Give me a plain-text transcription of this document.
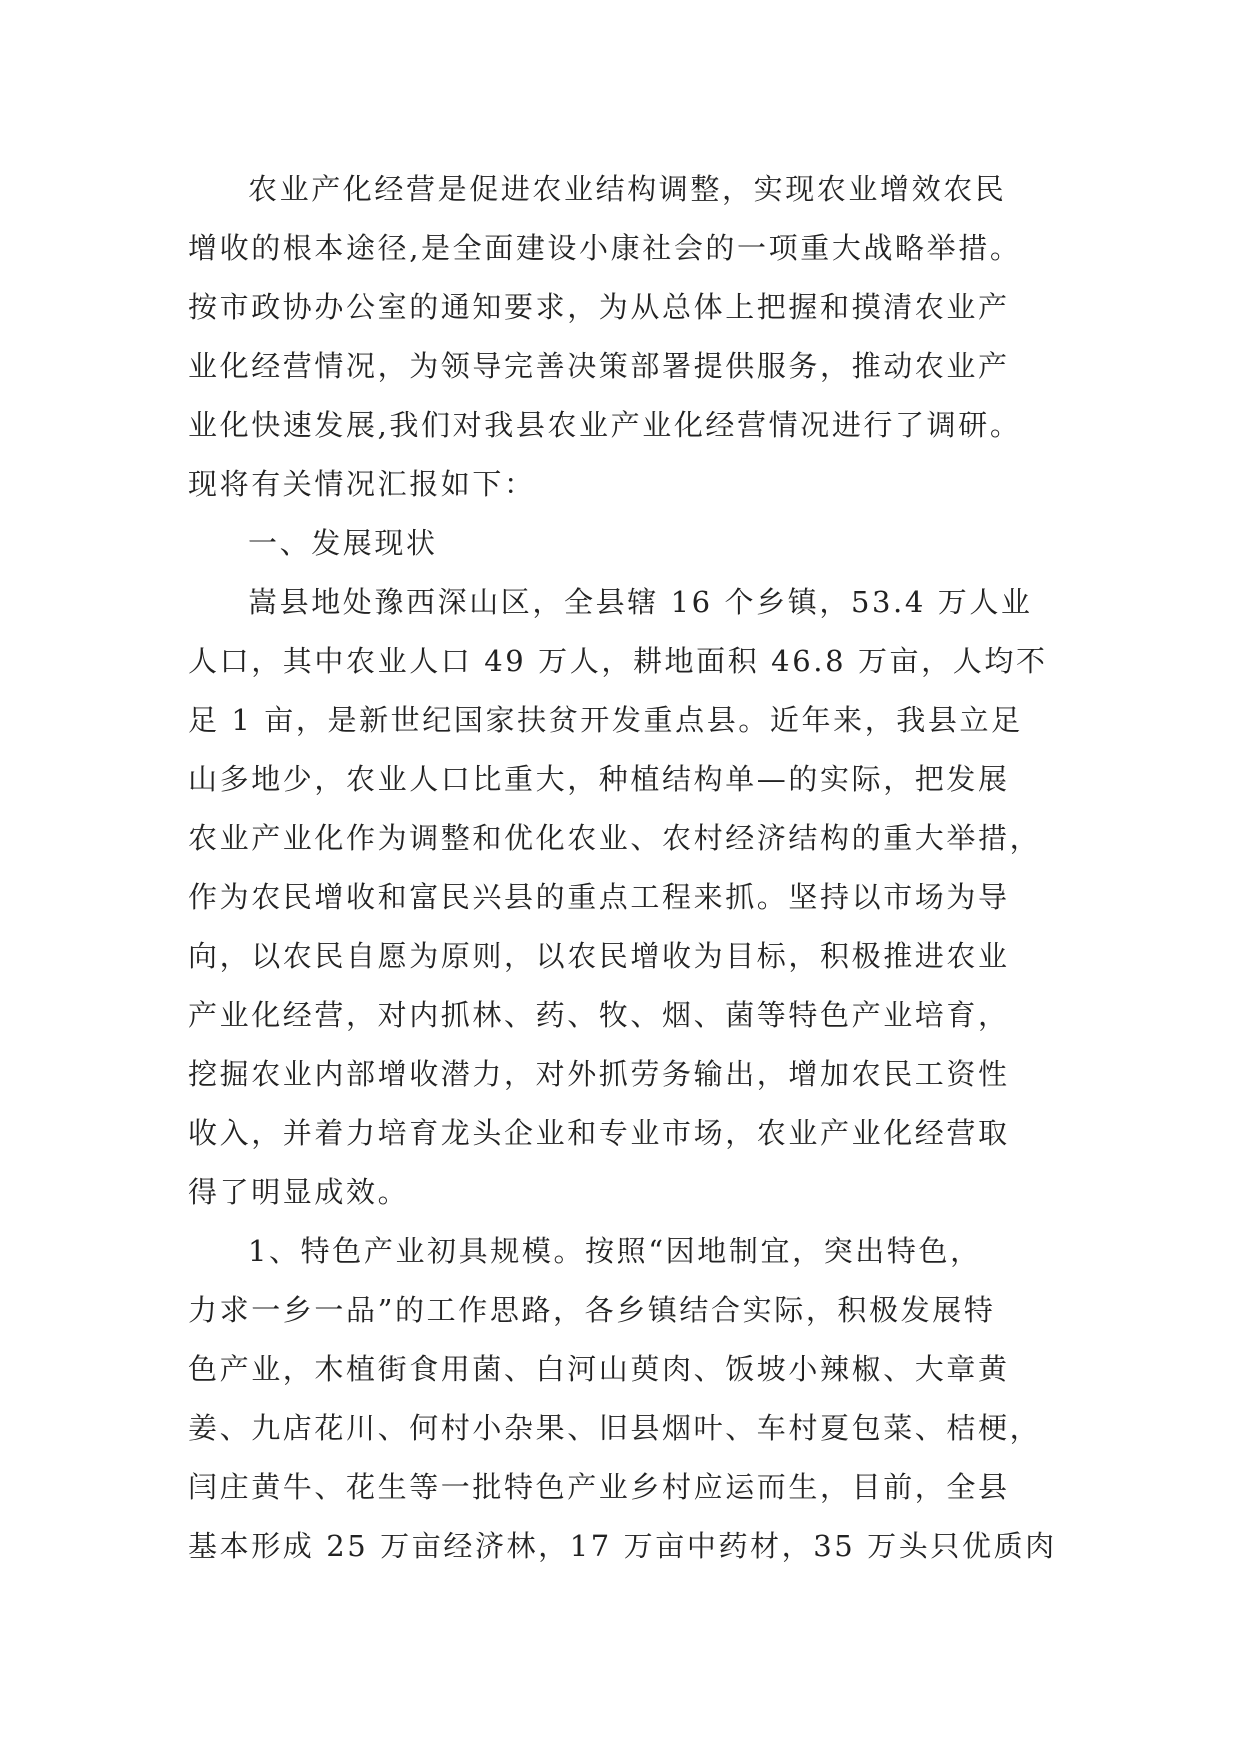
农业产化经营是促进农业结构调整，实现农业增效农民
增收的根本途径,是全面建设小康社会的一项重大战略举措。
按市政协办公室的通知要求，为从总体上把握和摸清农业产
业化经营情况，为领导完善决策部署提供服务，推动农业产
业化快速发展,我们对我县农业产业化经营情况进行了调研。
现将有关情况汇报如下：
一、发展现状
嵩县地处豫西深山区，全县辖 16 个乡镇，53.4 万人业
人口，其中农业人口 49 万人，耕地面积 46.8 万亩，人均不
足 1 亩，是新世纪国家扶贫开发重点县。近年来，我县立足
山多地少，农业人口比重大，种植结构单—的实际，把发展
农业产业化作为调整和优化农业、农村经济结构的重大举措，
作为农民增收和富民兴县的重点工程来抓。坚持以市场为导
向，以农民自愿为原则，以农民增收为目标，积极推进农业
产业化经营，对内抓林、药、牧、烟、菌等特色产业培育，
挖掘农业内部增收潜力，对外抓劳务输出，增加农民工资性
收入，并着力培育龙头企业和专业市场，农业产业化经营取
得了明显成效。
1、特色产业初具规模。按照“因地制宜，突出特色，
力求一乡一品”的工作思路，各乡镇结合实际，积极发展特
色产业，木植街食用菌、白河山萸肉、饭坡小辣椒、大章黄
姜、九店花川、何村小杂果、旧县烟叶、车村夏包菜、桔梗，
闫庄黄牛、花生等一批特色产业乡村应运而生，目前，全县
基本形成 25 万亩经济林，17 万亩中药材，35 万头只优质肉
